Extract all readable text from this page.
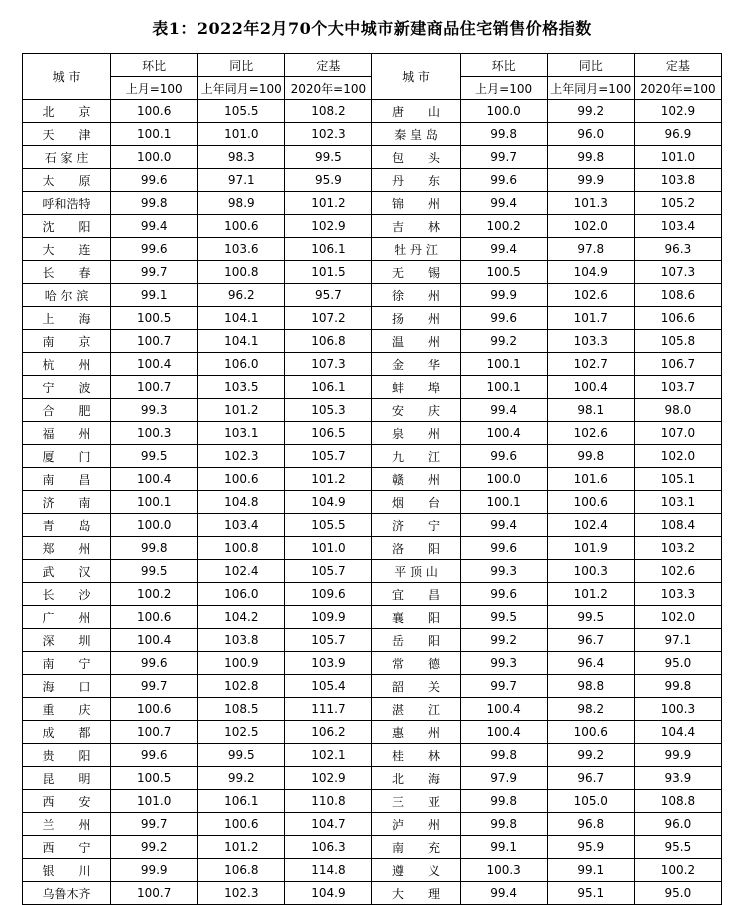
表1：2022年2月70个大中城市新建商品住宅销售价格指数
城 市	环比	同比	定基	城 市	环比	同比	定基
	上月=100	上年同月=100	2020年=100		上月=100	上年同月=100	2020年=100
北　　京	100.6	105.5	108.2	唐　　山	100.0	99.2	102.9
天　　津	100.1	101.0	102.3	秦 皇 岛	99.8	96.0	96.9
石 家 庄	100.0	98.3	99.5	包　　头	99.7	99.8	101.0
太　　原	99.6	97.1	95.9	丹　　东	99.6	99.9	103.8
呼和浩特	99.8	98.9	101.2	锦　　州	99.4	101.3	105.2
沈　　阳	99.4	100.6	102.9	吉　　林	100.2	102.0	103.4
大　　连	99.6	103.6	106.1	牡 丹 江	99.4	97.8	96.3
长　　春	99.7	100.8	101.5	无　　锡	100.5	104.9	107.3
哈 尔 滨	99.1	96.2	95.7	徐　　州	99.9	102.6	108.6
上　　海	100.5	104.1	107.2	扬　　州	99.6	101.7	106.6
南　　京	100.7	104.1	106.8	温　　州	99.2	103.3	105.8
杭　　州	100.4	106.0	107.3	金　　华	100.1	102.7	106.7
宁　　波	100.7	103.5	106.1	蚌　　埠	100.1	100.4	103.7
合　　肥	99.3	101.2	105.3	安　　庆	99.4	98.1	98.0
福　　州	100.3	103.1	106.5	泉　　州	100.4	102.6	107.0
厦　　门	99.5	102.3	105.7	九　　江	99.6	99.8	102.0
南　　昌	100.4	100.6	101.2	赣　　州	100.0	101.6	105.1
济　　南	100.1	104.8	104.9	烟　　台	100.1	100.6	103.1
青　　岛	100.0	103.4	105.5	济　　宁	99.4	102.4	108.4
郑　　州	99.8	100.8	101.0	洛　　阳	99.6	101.9	103.2
武　　汉	99.5	102.4	105.7	平 顶 山	99.3	100.3	102.6
长　　沙	100.2	106.0	109.6	宜　　昌	99.6	101.2	103.3
广　　州	100.6	104.2	109.9	襄　　阳	99.5	99.5	102.0
深　　圳	100.4	103.8	105.7	岳　　阳	99.2	96.7	97.1
南　　宁	99.6	100.9	103.9	常　　德	99.3	96.4	95.0
海　　口	99.7	102.8	105.4	韶　　关	99.7	98.8	99.8
重　　庆	100.6	108.5	111.7	湛　　江	100.4	98.2	100.3
成　　都	100.7	102.5	106.2	惠　　州	100.4	100.6	104.4
贵　　阳	99.6	99.5	102.1	桂　　林	99.8	99.2	99.9
昆　　明	100.5	99.2	102.9	北　　海	97.9	96.7	93.9
西　　安	101.0	106.1	110.8	三　　亚	99.8	105.0	108.8
兰　　州	99.7	100.6	104.7	泸　　州	99.8	96.8	96.0
西　　宁	99.2	101.2	106.3	南　　充	99.1	95.9	95.5
银　　川	99.9	106.8	114.8	遵　　义	100.3	99.1	100.2
乌鲁木齐	100.7	102.3	104.9	大　　理	99.4	95.1	95.0
